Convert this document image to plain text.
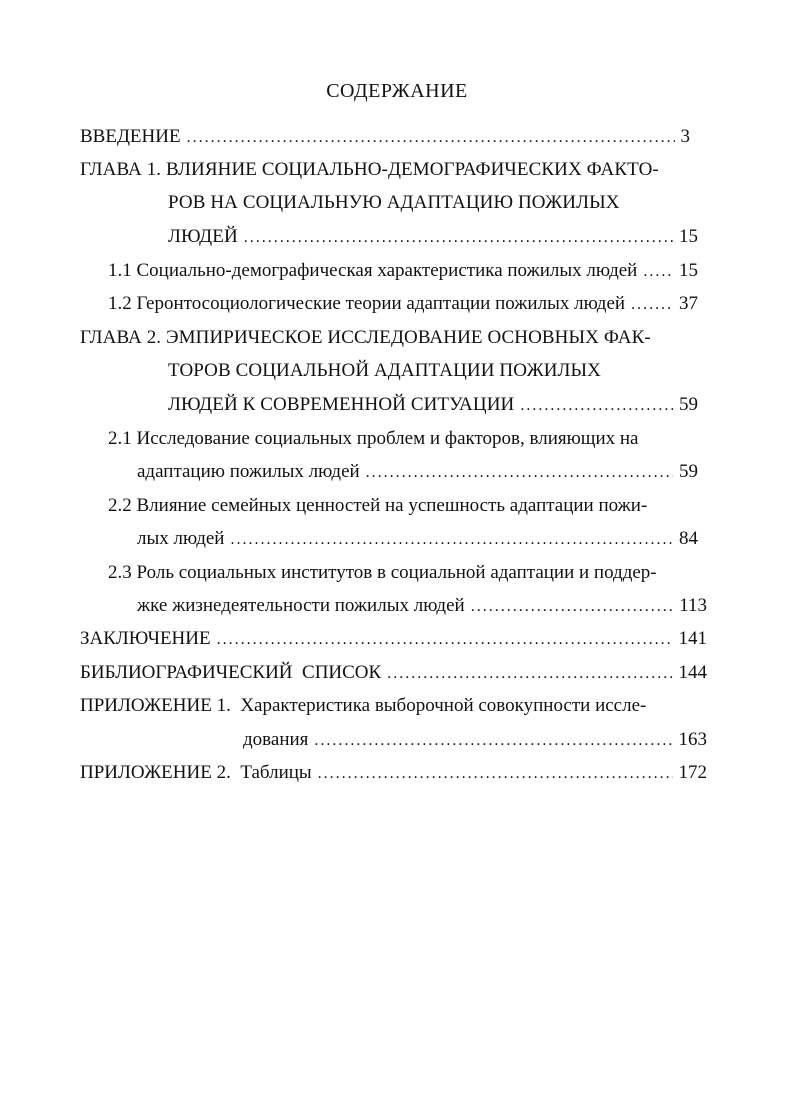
СОДЕРЖАНИЕ
ВВЕДЕНИЕ . . .	3
ГЛАВА 1. ВЛИЯНИЕ СОЦИАЛЬНО-ДЕМОГРАФИЧЕСКИХ ФАКТО-
РОВ НА СОЦИАЛЬНУЮ АДАПТАЦИЮ ПОЖИЛЫХ
ЛЮДЕЙ . . .	15
1.1 Социально-демографическая характеристика пожилых людей . . . 15
1.2 Геронтосоциологические теории адаптации пожилых людей . . .	37
ГЛАВА 2. ЭМПИРИЧЕСКОЕ ИССЛЕДОВАНИЕ ОСНОВНЫХ ФАК-
ТОРОВ СОЦИАЛЬНОЙ АДАПТАЦИИ ПОЖИЛЫХ
ЛЮДЕЙ К СОВРЕМЕННОЙ СИТУАЦИИ . . .	59
2.1 Исследование социальных проблем и факторов, влияющих на
адаптацию пожилых людей . . .	59
2.2 Влияние семейных ценностей на успешность адаптации пожи-
лых людей . . .	84
2.3 Роль социальных институтов в социальной адаптации и поддер-
жке жизнедеятельности пожилых людей . . .	113
ЗАКЛЮЧЕНИЕ . . .	141
БИБЛИОГРАФИЧЕСКИЙ  СПИСОК . . .	144
ПРИЛОЖЕНИЕ 1.  Характеристика выборочной совокупности иссле-
дования . . .	163
ПРИЛОЖЕНИЕ 2.  Таблицы . . .	172
